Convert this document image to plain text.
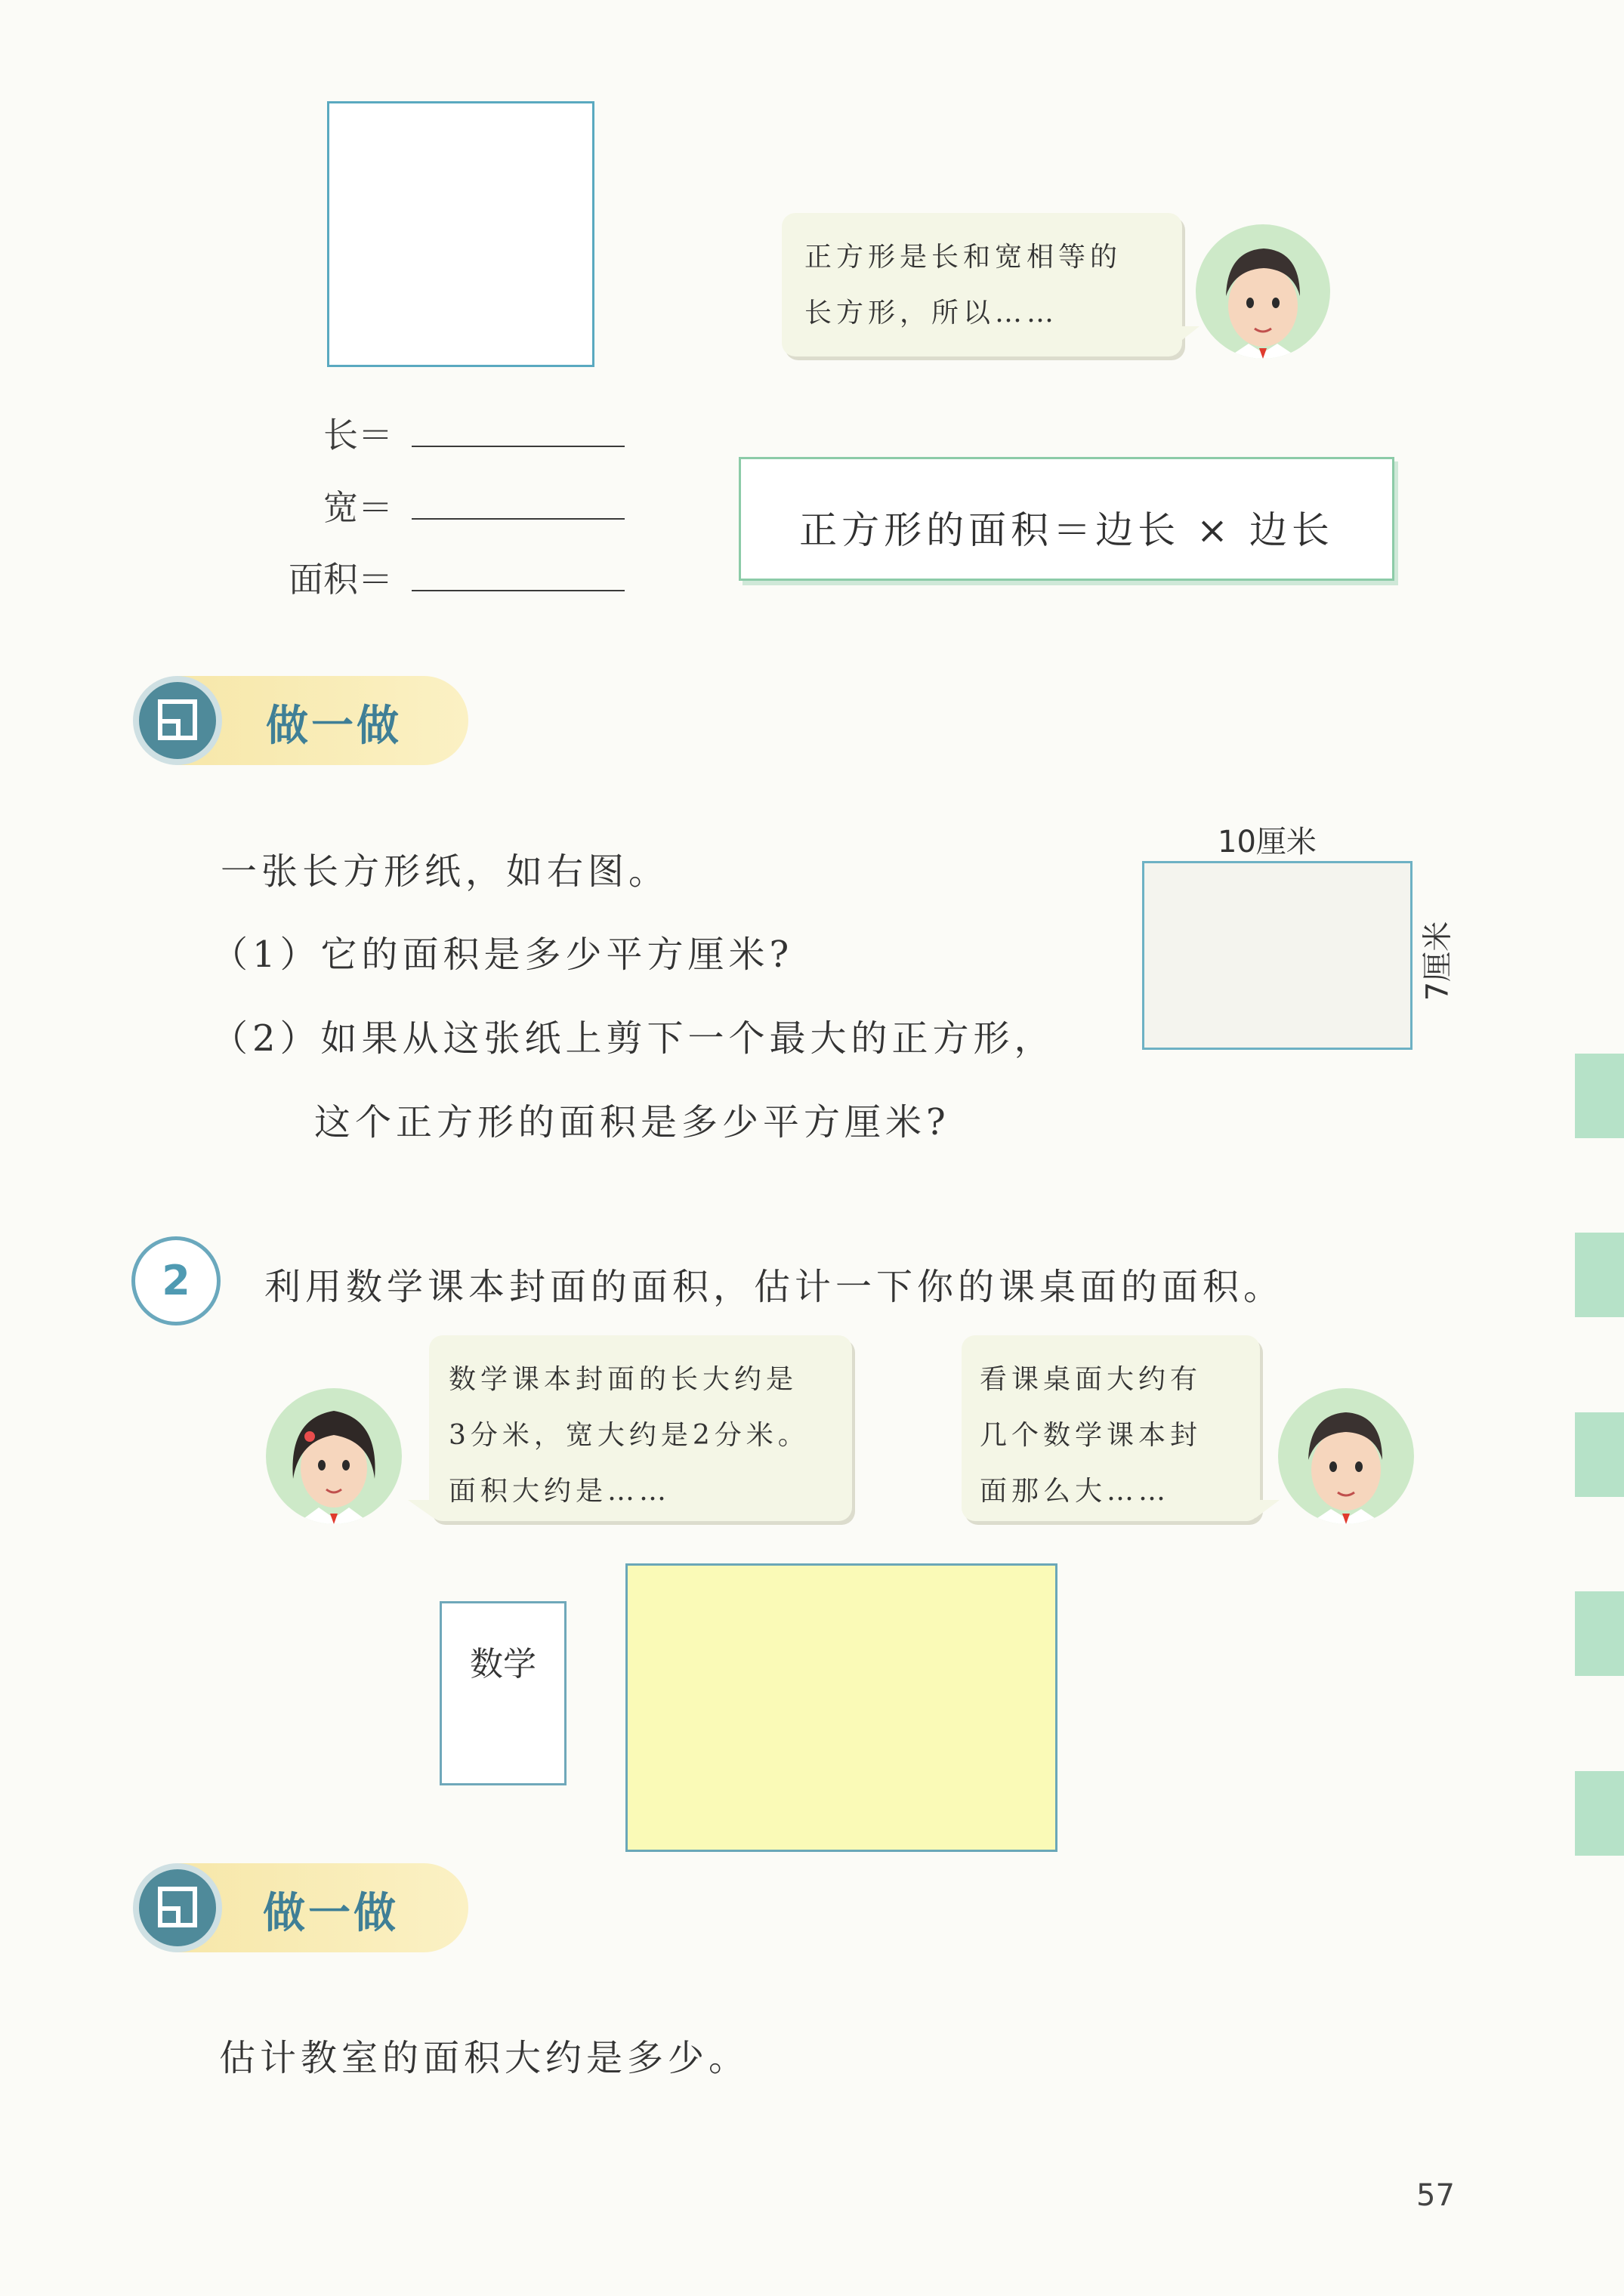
正方形是长和宽相等的
长方形，所以……
长＝
宽＝
面积＝
正方形的面积＝边长 × 边长
做一做
一张长方形纸，如右图。
（1）它的面积是多少平方厘米?
（2）如果从这张纸上剪下一个最大的正方形，
这个正方形的面积是多少平方厘米?
10厘米
7厘米
2	利用数学课本封面的面积，估计一下你的课桌面的面积。
数学课本封面的长大约是
3分米，宽大约是2分米。
面积大约是……
看课桌面大约有
几个数学课本封
面那么大……
数学
做一做
估计教室的面积大约是多少。
57
